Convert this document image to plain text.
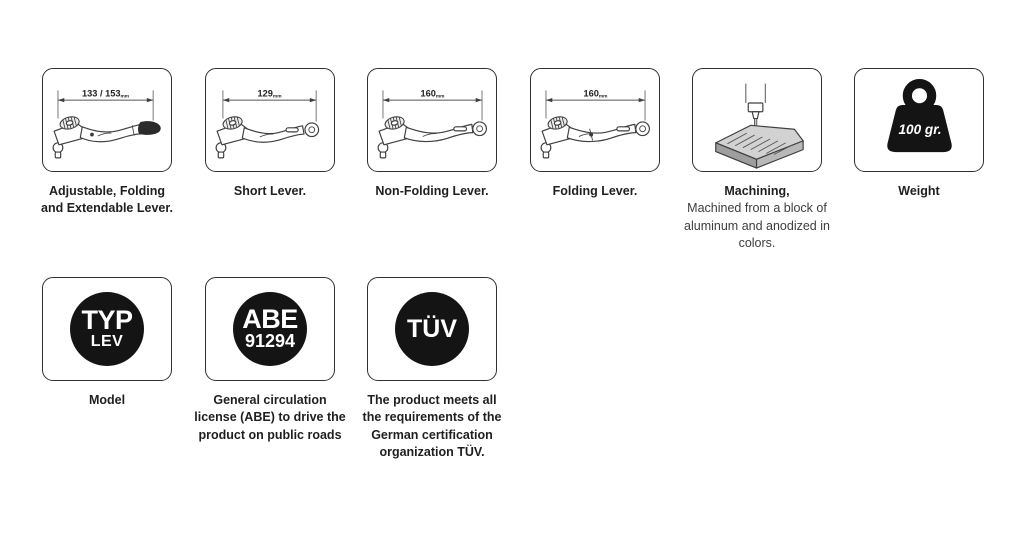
133 / 153mm
Adjustable, Folding and Extendable Lever.
129mm
Short Lever.
160mm
Non-Folding Lever.
160mm
Folding Lever.	Machining,
Machined from a block of aluminum and anodized in colors.
100 gr.
Weight
TYP
LEV
Model
ABE
91294
General circulation license (ABE) to drive the product on public roads
TÜV
The product meets all the requirements of the German certification organization TÜV.
